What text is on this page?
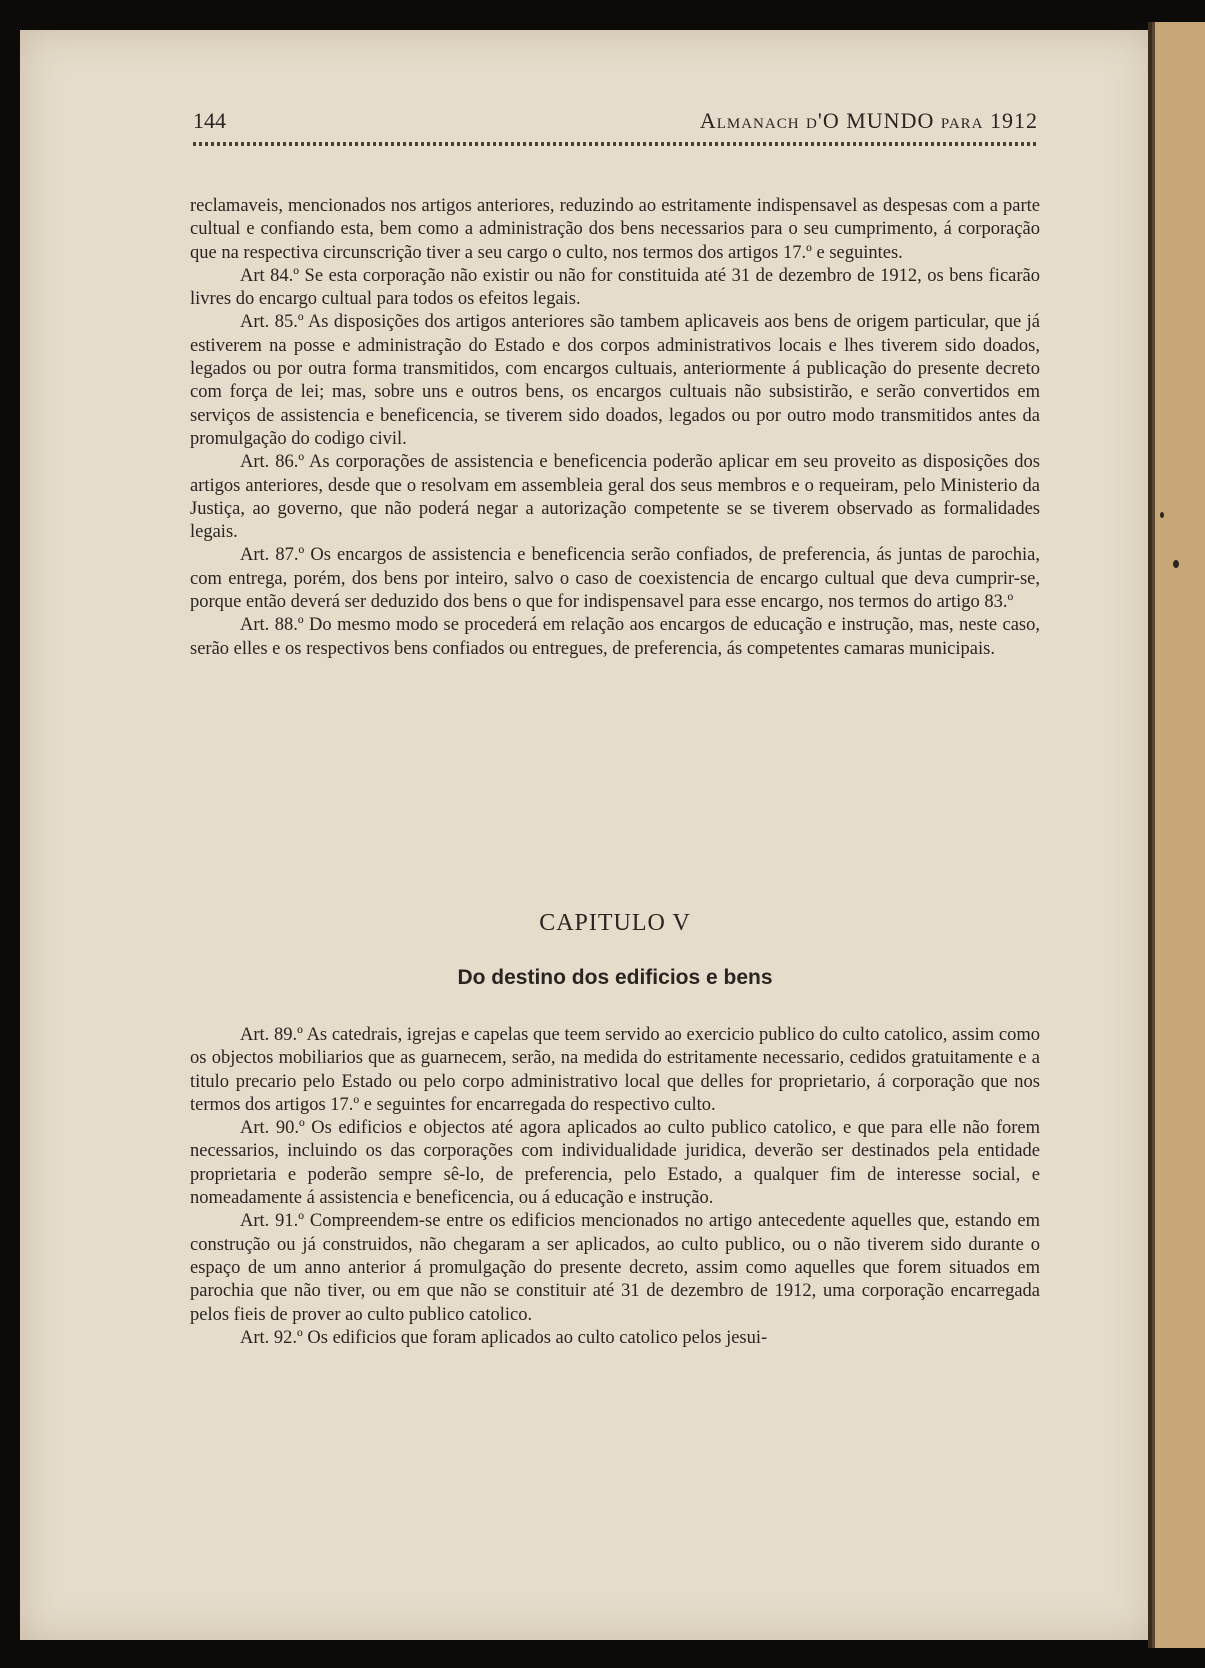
144	Almanach d'O MUNDO para 1912

reclamaveis, mencionados nos artigos anteriores, reduzindo ao estritamente indispensavel as despesas com a parte cultual e confiando esta, bem como a administração dos bens necessarios para o seu cumprimento, á corporação que na respectiva circunscrição tiver a seu cargo o culto, nos termos dos artigos 17.º e seguintes.

Art 84.º Se esta corporação não existir ou não for constituida até 31 de dezembro de 1912, os bens ficarão livres do encargo cultual para todos os efeitos legais.

Art. 85.º As disposições dos artigos anteriores são tambem aplicaveis aos bens de origem particular, que já estiverem na posse e administração do Estado e dos corpos administrativos locais e lhes tiverem sido doados, legados ou por outra forma transmitidos, com encargos cultuais, anteriormente á publicação do presente decreto com força de lei; mas, sobre uns e outros bens, os encargos cultuais não subsistirão, e serão convertidos em serviços de assistencia e beneficencia, se tiverem sido doados, legados ou por outro modo transmitidos antes da promulgação do codigo civil.

Art. 86.º As corporações de assistencia e beneficencia poderão aplicar em seu proveito as disposições dos artigos anteriores, desde que o resolvam em assembleia geral dos seus membros e o requeiram, pelo Ministerio da Justiça, ao governo, que não poderá negar a autorização competente se se tiverem observado as formalidades legais.

Art. 87.º Os encargos de assistencia e beneficencia serão confiados, de preferencia, ás juntas de parochia, com entrega, porém, dos bens por inteiro, salvo o caso de coexistencia de encargo cultual que deva cumprir-se, porque então deverá ser deduzido dos bens o que for indispensavel para esse encargo, nos termos do artigo 83.º

Art. 88.º Do mesmo modo se procederá em relação aos encargos de educação e instrução, mas, neste caso, serão elles e os respectivos bens confiados ou entregues, de preferencia, ás competentes camaras municipais.

CAPITULO V
Do destino dos edificios e bens

Art. 89.º As catedrais, igrejas e capelas que teem servido ao exercicio publico do culto catolico, assim como os objectos mobiliarios que as guarnecem, serão, na medida do estritamente necessario, cedidos gratuitamente e a titulo precario pelo Estado ou pelo corpo administrativo local que delles for proprietario, á corporação que nos termos dos artigos 17.º e seguintes for encarregada do respectivo culto.

Art. 90.º Os edificios e objectos até agora aplicados ao culto publico catolico, e que para elle não forem necessarios, incluindo os das corporações com individualidade juridica, deverão ser destinados pela entidade proprietaria e poderão sempre sê-lo, de preferencia, pelo Estado, a qualquer fim de interesse social, e nomeadamente á assistencia e beneficencia, ou á educação e instrução.

Art. 91.º Compreendem-se entre os edificios mencionados no artigo antecedente aquelles que, estando em construção ou já construidos, não chegaram a ser aplicados, ao culto publico, ou o não tiverem sido durante o espaço de um anno anterior á promulgação do presente decreto, assim como aquelles que forem situados em parochia que não tiver, ou em que não se constituir até 31 de dezembro de 1912, uma corporação encarregada pelos fieis de prover ao culto publico catolico.

Art. 92.º Os edificios que foram aplicados ao culto catolico pelos jesui-
